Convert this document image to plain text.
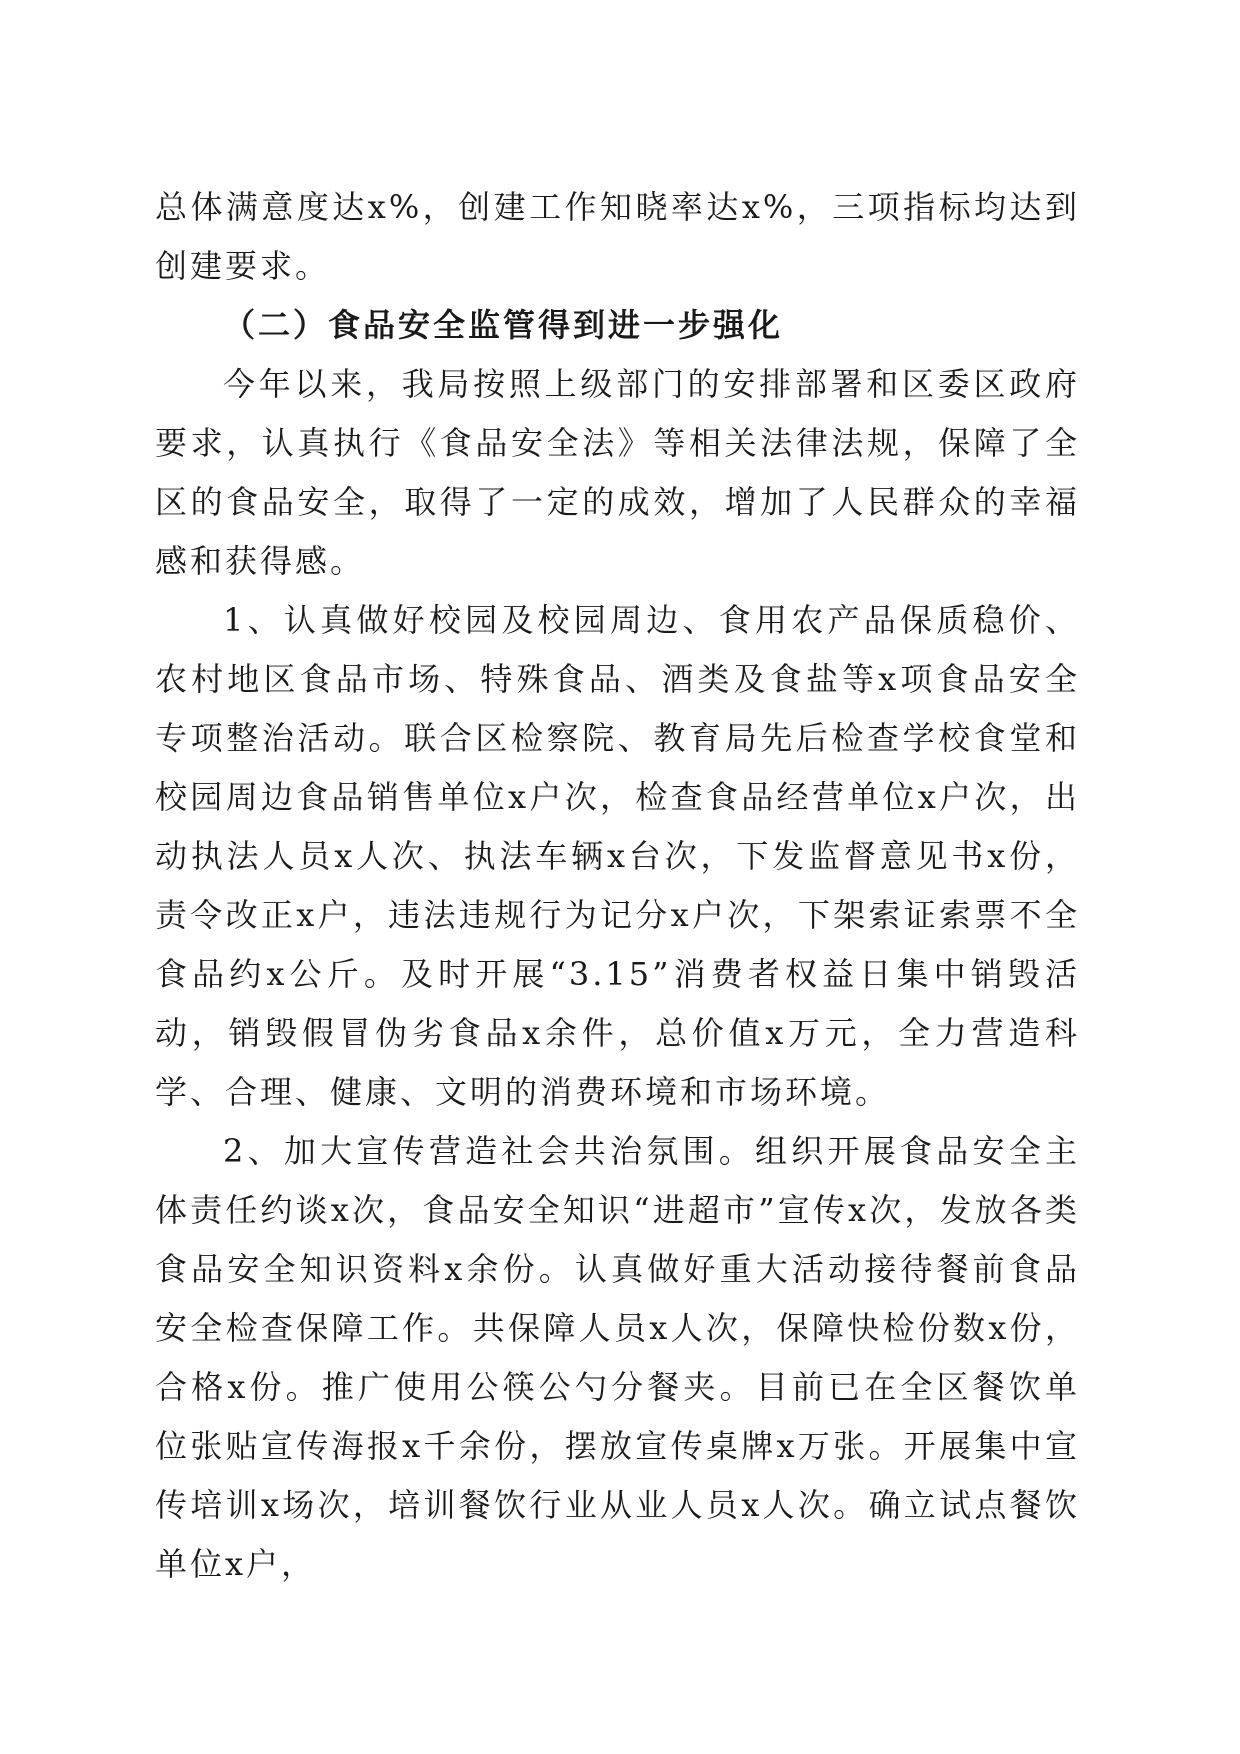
总体满意度达x%，创建工作知晓率达x%，三项指标均达到创建要求。

（二）食品安全监管得到进一步强化

今年以来，我局按照上级部门的安排部署和区委区政府要求，认真执行《食品安全法》等相关法律法规，保障了全区的食品安全，取得了一定的成效，增加了人民群众的幸福感和获得感。

1、认真做好校园及校园周边、食用农产品保质稳价、农村地区食品市场、特殊食品、酒类及食盐等x项食品安全专项整治活动。联合区检察院、教育局先后检查学校食堂和校园周边食品销售单位x户次，检查食品经营单位x户次，出动执法人员x人次、执法车辆x台次，下发监督意见书x份，责令改正x户，违法违规行为记分x户次，下架索证索票不全食品约x公斤。及时开展“3.15”消费者权益日集中销毁活动，销毁假冒伪劣食品x余件，总价值x万元，全力营造科学、合理、健康、文明的消费环境和市场环境。

2、加大宣传营造社会共治氛围。组织开展食品安全主体责任约谈x次，食品安全知识“进超市”宣传x次，发放各类食品安全知识资料x余份。认真做好重大活动接待餐前食品安全检查保障工作。共保障人员x人次，保障快检份数x份，合格x份。推广使用公筷公勺分餐夹。目前已在全区餐饮单位张贴宣传海报x千余份，摆放宣传桌牌x万张。开展集中宣传培训x场次，培训餐饮行业从业人员x人次。确立试点餐饮单位x户，
